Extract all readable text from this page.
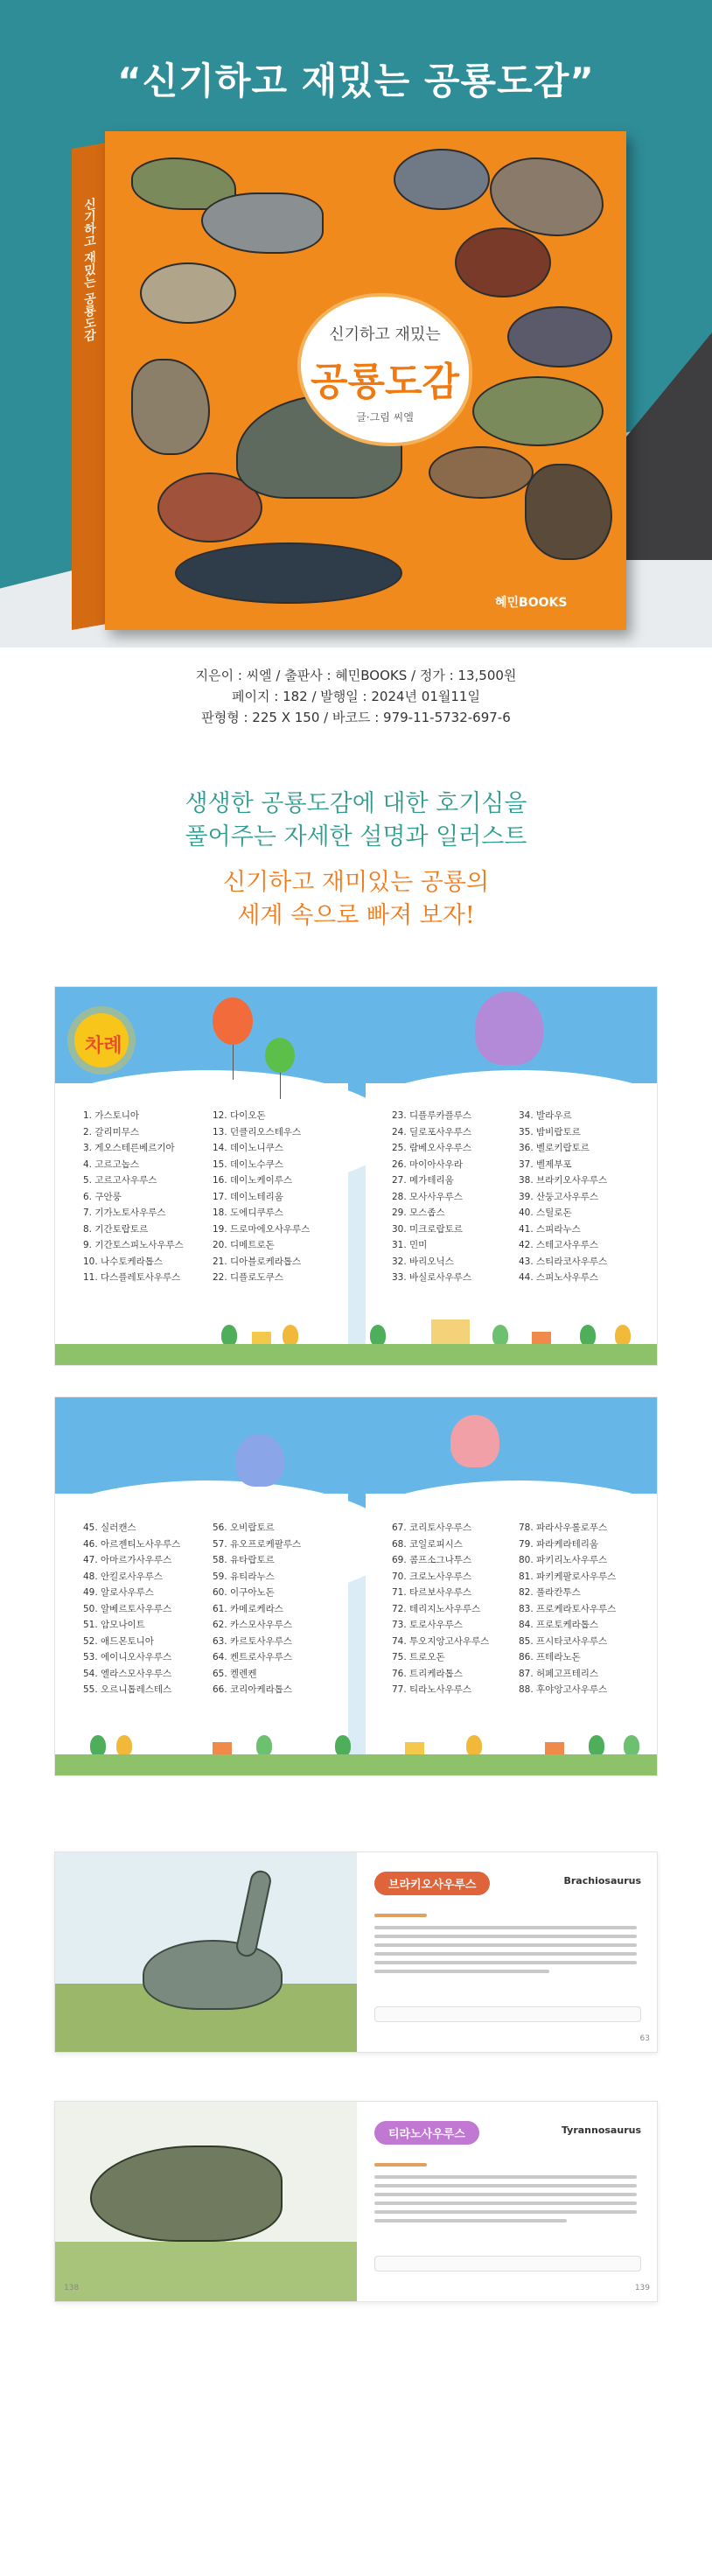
“신기하고 재밌는 공룡도감”
신기하고 재밌는 공룡도감	신기하고 재밌는
공룡도감
글·그림 씨엘
혜민BOOKS
지은이 : 씨엘 / 출판사 : 혜민BOOKS / 정가 : 13,500원
페이지 : 182 / 발행일 : 2024년 01월11일
판형형 : 225 X 150 / 바코드 : 979-11-5732-697-6
생생한 공룡도감에 대한 호기심을
풀어주는 자세한 설명과 일러스트
신기하고 재미있는 공룡의
세계 속으로 빠져 보자!
차례
1. 가스토니아
2. 갈리미무스
3. 게오스테른베르기아
4. 고르고놉스
5. 고르고사우루스
6. 구안룽
7. 기가노토사우루스
8. 기간토랍토르
9. 기간토스피노사우루스
10. 나수토케라톱스
11. 다스플레토사우루스
12. 다이오돈
13. 던클리오스테우스
14. 데이노니쿠스
15. 데이노수쿠스
16. 데이노케이루스
17. 데이노테리움
18. 도에디쿠루스
19. 드로마에오사우루스
20. 디메트로돈
21. 디아블로케라톱스
22. 디플로도쿠스
23. 디플루카플루스
24. 딜로포사우루스
25. 람베오사우루스
26. 마이아사우라
27. 메가테리움
28. 모사사우루스
29. 모스좁스
30. 미크로랍토르
31. 민미
32. 바리오닉스
33. 바실로사우루스
34. 발라우르
35. 밤비랍토르
36. 벨로키랍토르
37. 벨제부포
38. 브라키오사우루스
39. 산둥고사우루스
40. 스틸로돈
41. 스피라누스
42. 스테고사우루스
43. 스티라코사우루스
44. 스피노사우루스
45. 실러캔스
46. 아르젠티노사우루스
47. 아마르가사우루스
48. 안킬로사우루스
49. 알로사우루스
50. 알베르토사우루스
51. 암모나이트
52. 애드몬토니아
53. 에이니오사우루스
54. 엘라스모사우루스
55. 오르니톱레스테스
56. 오비랍토르
57. 유오프로케팔루스
58. 유타랍토르
59. 유티라누스
60. 이구아노돈
61. 카메로케라스
62. 카스모사우루스
63. 카르토사우루스
64. 켄트로사우루스
65. 켈렌켄
66. 코리아케라톱스
67. 코리토사우루스
68. 코일로피시스
69. 콤프소그나투스
70. 크로노사우루스
71. 타르보사우루스
72. 테리지노사우루스
73. 토로사우루스
74. 투오지앙고사우루스
75. 트로오돈
76. 트리케라톱스
77. 티라노사우루스
78. 파라사우롤로푸스
79. 파라케라테리움
80. 파키리노사우루스
81. 파키케팔로사우루스
82. 풀라칸투스
83. 프로케라토사우루스
84. 프로토케라톱스
85. 프시타코사우루스
86. 프테라노돈
87. 허페고프테리스
88. 후야앙고사우루스
브라키오사우루스	Brachiosaurus
63
138
티라노사우루스	Tyrannosaurus
139
